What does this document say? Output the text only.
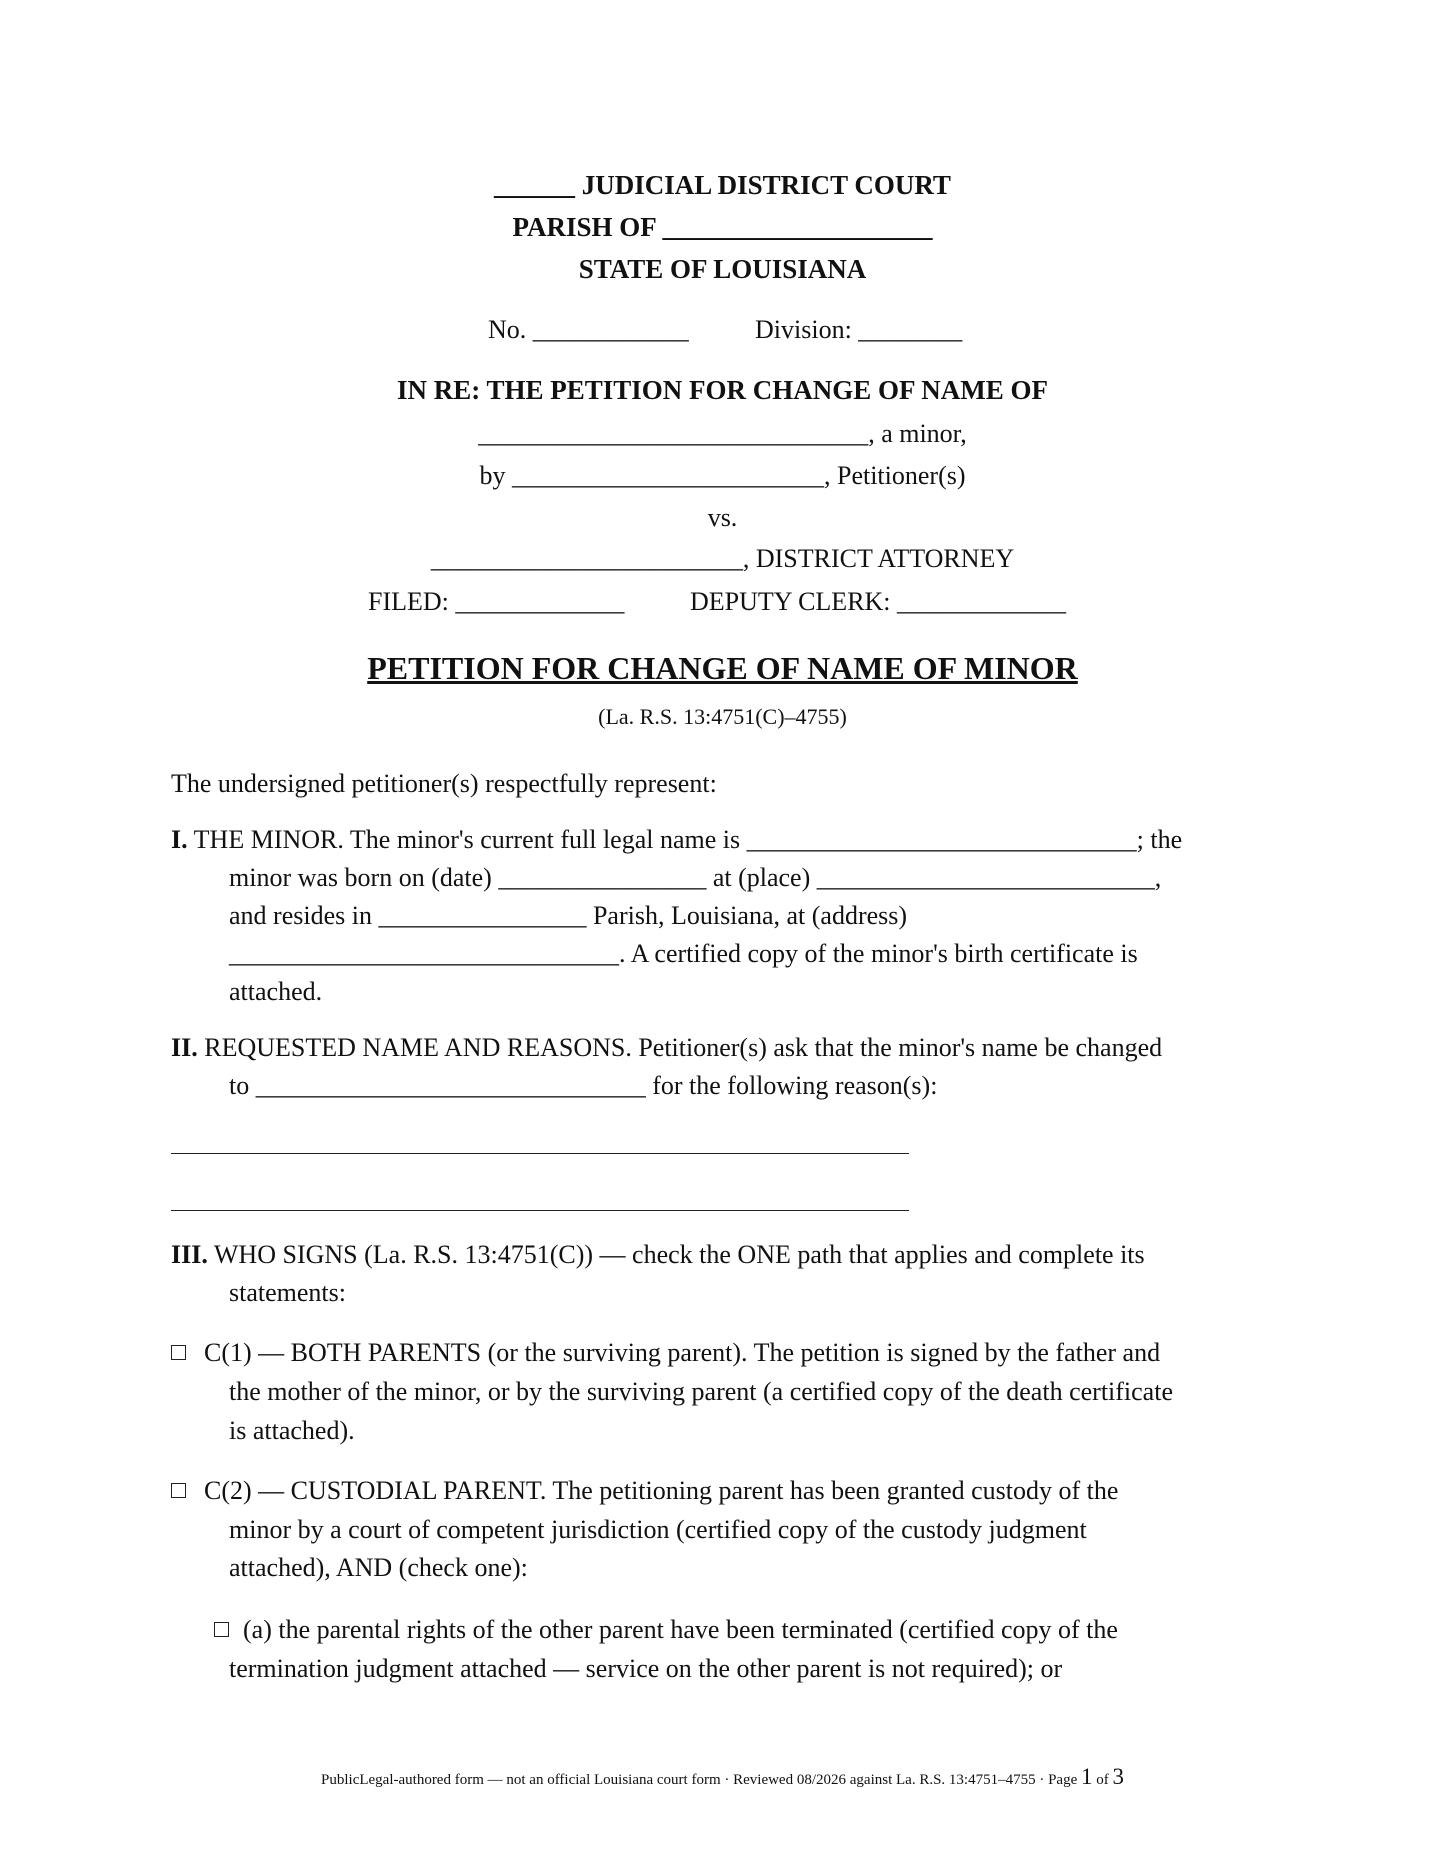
______ JUDICIAL DISTRICT COURT
PARISH OF ____________________
STATE OF LOUISIANA
No. ____________	Division: ________
IN RE: THE PETITION FOR CHANGE OF NAME OF
______________________________, a minor,
by ________________________, Petitioner(s)
vs.
________________________, DISTRICT ATTORNEY
FILED: _____________	DEPUTY CLERK: _____________
PETITION FOR CHANGE OF NAME OF MINOR
(La. R.S. 13:4751(C)–4755)
The undersigned petitioner(s) respectfully represent:
I. THE MINOR. The minor's current full legal name is ______________________________; the
minor was born on (date) ________________ at (place) __________________________,
and resides in ________________ Parish, Louisiana, at (address)
______________________________. A certified copy of the minor's birth certificate is
attached.
II. REQUESTED NAME AND REASONS. Petitioner(s) ask that the minor's name be changed
to ______________________________ for the following reason(s):
III. WHO SIGNS (La. R.S. 13:4751(C)) — check the ONE path that applies and complete its
statements:
C(1) — BOTH PARENTS (or the surviving parent). The petition is signed by the father and
the mother of the minor, or by the surviving parent (a certified copy of the death certificate
is attached).
C(2) — CUSTODIAL PARENT. The petitioning parent has been granted custody of the
minor by a court of competent jurisdiction (certified copy of the custody judgment
attached), AND (check one):
(a) the parental rights of the other parent have been terminated (certified copy of the
termination judgment attached — service on the other parent is not required); or
PublicLegal-authored form — not an official Louisiana court form · Reviewed 08/2026 against La. R.S. 13:4751–4755 · Page 1 of 3
